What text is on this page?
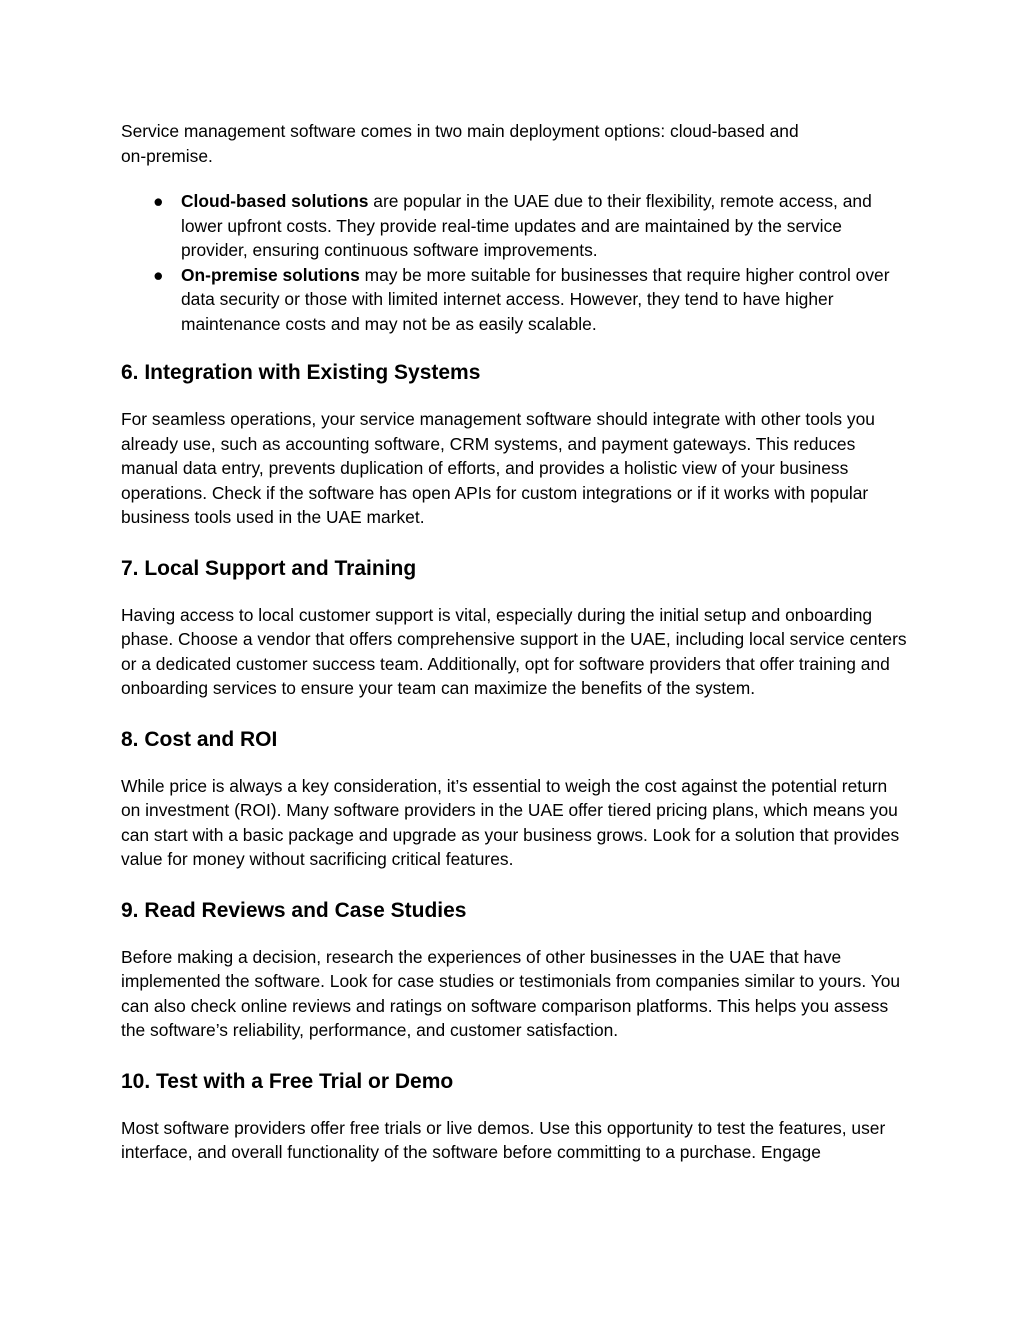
Service management software comes in two main deployment options: cloud-based and
on-premise.

● Cloud-based solutions are popular in the UAE due to their flexibility, remote access, and lower upfront costs. They provide real-time updates and are maintained by the service provider, ensuring continuous software improvements.
● On-premise solutions may be more suitable for businesses that require higher control over data security or those with limited internet access. However, they tend to have higher maintenance costs and may not be as easily scalable.
6. Integration with Existing Systems

For seamless operations, your service management software should integrate with other tools you already use, such as accounting software, CRM systems, and payment gateways. This reduces manual data entry, prevents duplication of efforts, and provides a holistic view of your business operations. Check if the software has open APIs for custom integrations or if it works with popular business tools used in the UAE market.

7. Local Support and Training

Having access to local customer support is vital, especially during the initial setup and onboarding phase. Choose a vendor that offers comprehensive support in the UAE, including local service centers or a dedicated customer success team. Additionally, opt for software providers that offer training and onboarding services to ensure your team can maximize the benefits of the system.

8. Cost and ROI

While price is always a key consideration, it’s essential to weigh the cost against the potential return on investment (ROI). Many software providers in the UAE offer tiered pricing plans, which means you can start with a basic package and upgrade as your business grows. Look for a solution that provides value for money without sacrificing critical features.

9. Read Reviews and Case Studies

Before making a decision, research the experiences of other businesses in the UAE that have implemented the software. Look for case studies or testimonials from companies similar to yours. You can also check online reviews and ratings on software comparison platforms. This helps you assess the software’s reliability, performance, and customer satisfaction.

10. Test with a Free Trial or Demo

Most software providers offer free trials or live demos. Use this opportunity to test the features, user interface, and overall functionality of the software before committing to a purchase. Engage
